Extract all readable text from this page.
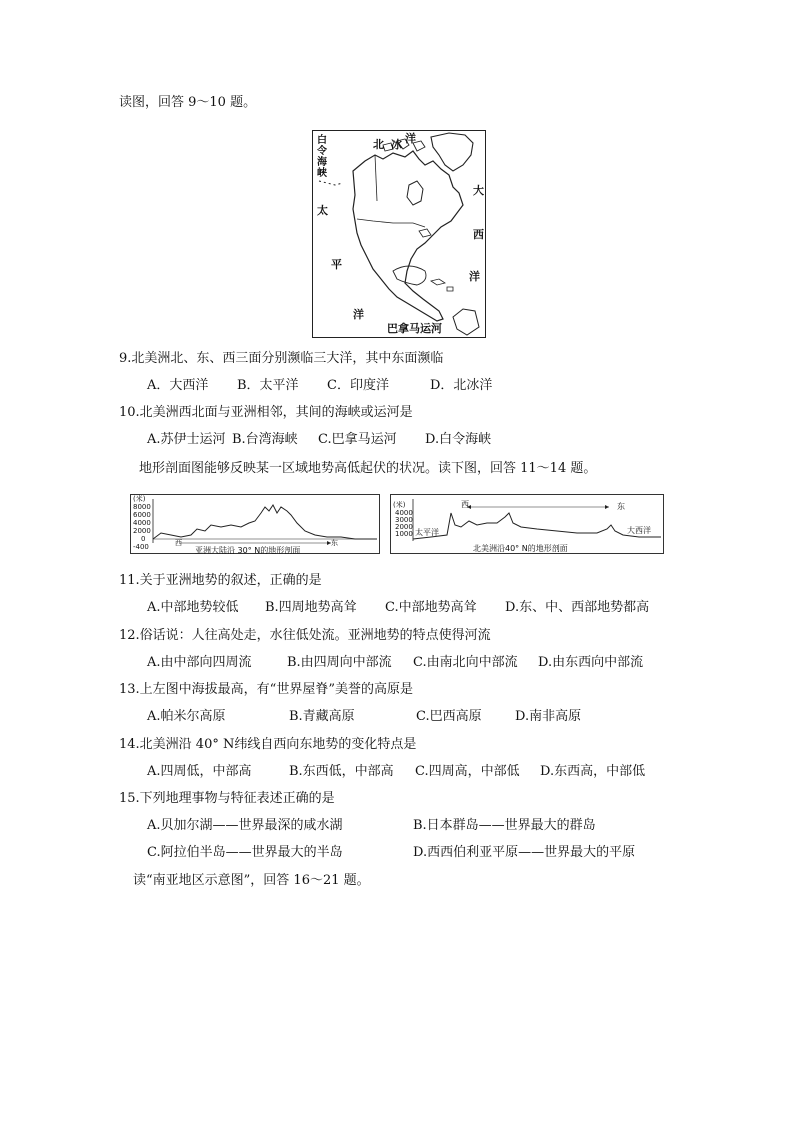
读图，回答 9～10 题。
白令海峡
北 冰 洋
太
平
洋
大
西
洋
巴拿马运河
9.北美洲北、东、西三面分别濒临三大洋，其中东面濒临
A．大西洋 B．太平洋 C．印度洋	D．北冰洋
10.北美洲西北面与亚洲相邻，其间的海峡或运河是
A.苏伊士运河 B.台湾海峡 C.巴拿马运河 D.白令海峡
地形剖面图能够反映某一区域地势高低起伏的状况。读下图，回答 11～14 题。
(米)
8000
6000
4000
2000
0
-400	西	东
亚洲大陆沿 30° N的地形剖面
(米)
4000
3000
2000
1000
西	东
太平洋	大西洋
北美洲沿40° N的地形剖面
11.关于亚洲地势的叙述，正确的是
A.中部地势较低 B.四周地势高耸 C.中部地势高耸 D.东、中、西部地势都高
12.俗话说：人往高处走，水往低处流。亚洲地势的特点使得河流
A.由中部向四周流	B.由四周向中部流 C.由南北向中部流 D.由东西向中部流
13.上左图中海拔最高，有“世界屋脊”美誉的高原是
A.帕米尔高原	B.青藏高原	C.巴西高原	D.南非高原
14.北美洲沿 40° N纬线自西向东地势的变化特点是
A.四周低，中部高	B.东西低，中部高 C.四周高，中部低 D.东西高，中部低
15.下列地理事物与特征表述正确的是
A.贝加尔湖——世界最深的咸水湖	B.日本群岛——世界最大的群岛
C.阿拉伯半岛——世界最大的半岛	D.西西伯利亚平原——世界最大的平原
读“南亚地区示意图”，回答 16～21 题。
